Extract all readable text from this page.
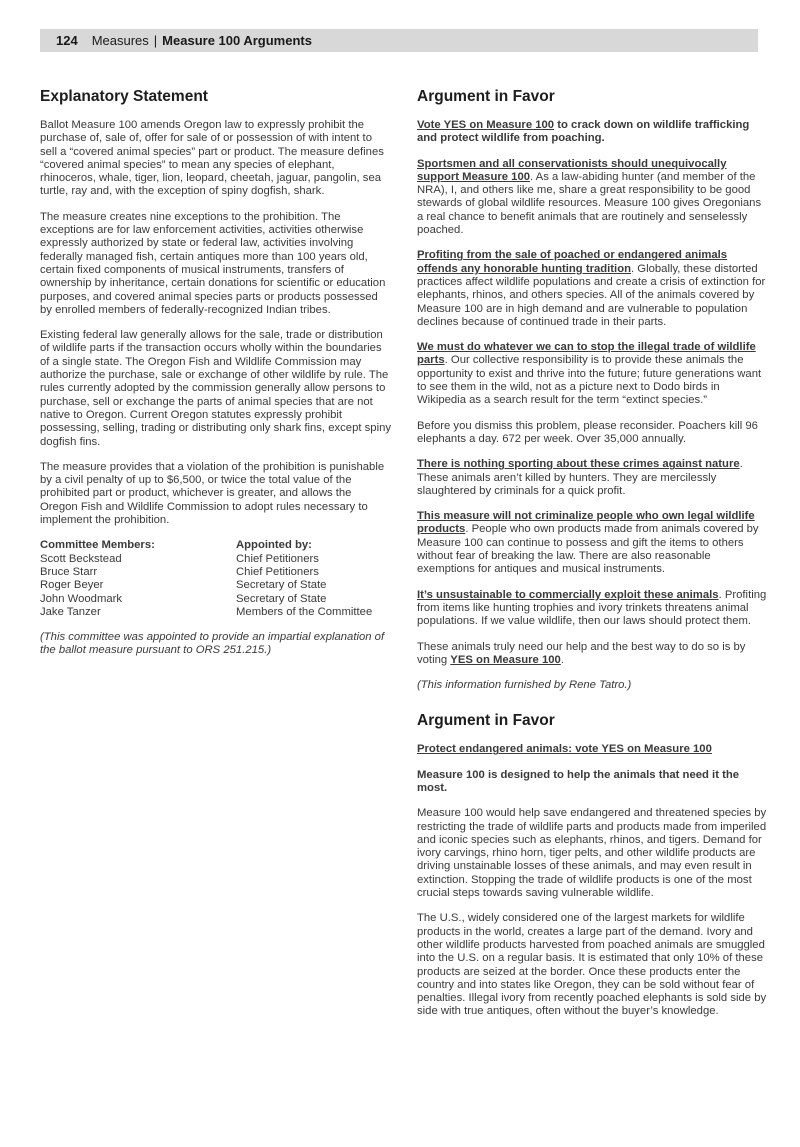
124 Measures | Measure 100 Arguments
Explanatory Statement

Ballot Measure 100 amends Oregon law to expressly prohibit the purchase of, sale of, offer for sale of or possession of with intent to sell a “covered animal species” part or product. The measure defines “covered animal species” to mean any species of elephant, rhinoceros, whale, tiger, lion, leopard, cheetah, jaguar, pangolin, sea turtle, ray and, with the exception of spiny dogfish, shark.

The measure creates nine exceptions to the prohibition. The exceptions are for law enforcement activities, activities otherwise expressly authorized by state or federal law, activities involving federally managed fish, certain antiques more than 100 years old, certain fixed components of musical instruments, transfers of ownership by inheritance, certain donations for scientific or education purposes, and covered animal species parts or products possessed by enrolled members of federally-recognized Indian tribes.

Existing federal law generally allows for the sale, trade or distribution of wildlife parts if the transaction occurs wholly within the boundaries of a single state. The Oregon Fish and Wildlife Commission may authorize the purchase, sale or exchange of other wildlife by rule. The rules currently adopted by the commission generally allow persons to purchase, sell or exchange the parts of animal species that are not native to Oregon. Current Oregon statutes expressly prohibit possessing, selling, trading or distributing only shark fins, except spiny dogfish fins.

The measure provides that a violation of the prohibition is punishable by a civil penalty of up to $6,500, or twice the total value of the prohibited part or product, whichever is greater, and allows the Oregon Fish and Wildlife Commission to adopt rules necessary to implement the prohibition.

Committee Members:	Appointed by:
Scott Beckstead	Chief Petitioners
Bruce Starr	Chief Petitioners
Roger Beyer	Secretary of State
John Woodmark	Secretary of State
Jake Tanzer	Members of the Committee

(This committee was appointed to provide an impartial explanation of the ballot measure pursuant to ORS 251.215.)

Argument in Favor

Vote YES on Measure 100 to crack down on wildlife trafficking and protect wildlife from poaching.

Sportsmen and all conservationists should unequivocally support Measure 100. As a law-abiding hunter (and member of the NRA), I, and others like me, share a great responsibility to be good stewards of global wildlife resources. Measure 100 gives Oregonians a real chance to benefit animals that are routinely and senselessly poached.

Profiting from the sale of poached or endangered animals offends any honorable hunting tradition. Globally, these distorted practices affect wildlife populations and create a crisis of extinction for elephants, rhinos, and others species. All of the animals covered by Measure 100 are in high demand and are vulnerable to population declines because of continued trade in their parts.

We must do whatever we can to stop the illegal trade of wildlife parts. Our collective responsibility is to provide these animals the opportunity to exist and thrive into the future; future generations want to see them in the wild, not as a picture next to Dodo birds in Wikipedia as a search result for the term “extinct species.”

Before you dismiss this problem, please reconsider. Poachers kill 96 elephants a day. 672 per week. Over 35,000 annually.

There is nothing sporting about these crimes against nature. These animals aren’t killed by hunters. They are mercilessly slaughtered by criminals for a quick profit.

This measure will not criminalize people who own legal wildlife products. People who own products made from animals covered by Measure 100 can continue to possess and gift the items to others without fear of breaking the law. There are also reasonable exemptions for antiques and musical instruments.

It’s unsustainable to commercially exploit these animals. Profiting from items like hunting trophies and ivory trinkets threatens animal populations. If we value wildlife, then our laws should protect them.

These animals truly need our help and the best way to do so is by voting YES on Measure 100.

(This information furnished by Rene Tatro.)

Argument in Favor

Protect endangered animals: vote YES on Measure 100

Measure 100 is designed to help the animals that need it the most.

Measure 100 would help save endangered and threatened species by restricting the trade of wildlife parts and products made from imperiled and iconic species such as elephants, rhinos, and tigers. Demand for ivory carvings, rhino horn, tiger pelts, and other wildlife products are driving unstainable losses of these animals, and may even result in extinction. Stopping the trade of wildlife products is one of the most crucial steps towards saving vulnerable wildlife.

The U.S., widely considered one of the largest markets for wildlife products in the world, creates a large part of the demand. Ivory and other wildlife products harvested from poached animals are smuggled into the U.S. on a regular basis. It is estimated that only 10% of these products are seized at the border. Once these products enter the country and into states like Oregon, they can be sold without fear of penalties. Illegal ivory from recently poached elephants is sold side by side with true antiques, often without the buyer’s knowledge.
